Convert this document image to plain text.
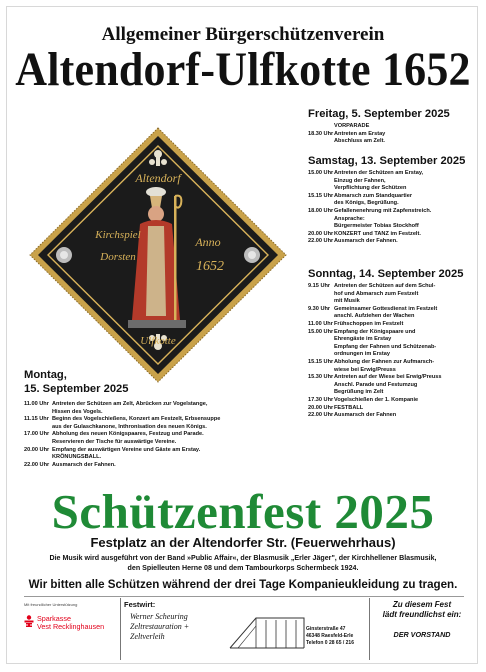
Allgemeiner Bürgerschützenverein
Altendorf-Ulfkotte 1652
Altendorf
Kirchspiel
Dorsten
Anno
1652
Ulfkotte
Freitag, 5. September 2025
VORPARADE
18.30 Uhr Antreten am Erstay
Abschluss am Zelt.
Samstag, 13. September 2025
15.00 Uhr Antreten der Schützen am Erstay,
Einzug der Fahnen,
Verpflichtung der Schützen
15.15 Uhr Abmarsch zum Standquartier
des Königs, Begrüßung.
18.00 Uhr Gefallenenehrung mit Zapfenstreich.
Ansprache:
Bürgermeister Tobias Stockhoff
20.00 Uhr KONZERT und TANZ im Festzelt.
22.00 Uhr Ausmarsch der Fahnen.
Sonntag, 14. September 2025
9.15 Uhr Antreten der Schützen auf dem Schul-
hof und Abmarsch zum Festzelt
mit Musik
9.30 Uhr Gemeinsamer Gottesdienst im Festzelt
anschl. Aufziehen der Wachen
11.00 Uhr Frühschoppen im Festzelt
15.00 Uhr Empfang der Königspaare und
Ehrengäste im Erstay
Empfang der Fahnen und Schützenab-
ordnungen im Erstay
15.15 Uhr Abholung der Fahnen zur Aufmarsch-
wiese bei Erwig/Preuss
15.30 Uhr Antreten auf der Wiese bei Erwig/Preuss
Anschl. Parade und Festumzug
Begrüßung im Zelt
17.30 Uhr Vogelschießen der 1. Kompanie
20.00 Uhr FESTBALL
22.00 Uhr Ausmarsch der Fahnen
Montag,
15. September 2025
11.00 Uhr Antreten der Schützen am Zelt, Abrücken zur Vogelstange,
Hissen des Vogels.
11.15 Uhr Beginn des Vogelschießens, Konzert am Festzelt, Erbsensuppe
aus der Gulaschkanone, Inthronisation des neuen Königs.
17.00 Uhr Abholung des neuen Königspaares, Festzug und Parade.
Reservieren der Tische für auswärtige Vereine.
20.00 Uhr Empfang der auswärtigen Vereine und Gäste am Erstay.
KRÖNUNGSBALL.
22.00 Uhr Ausmarsch der Fahnen.
Schützenfest 2025
Festplatz an der Altendorfer Str. (Feuerwehrhaus)
Die Musik wird ausgeführt von der Band »Public Affair«, der Blasmusik „Erler Jäger", der Kirchhellener Blasmusik,
den Spielleuten Herne 08 und dem Tambourkorps Schermbeck 1924.
Wir bitten alle Schützen während der drei Tage Kompanieukleidung zu tragen.
Mit freundlicher Unterstützung
Sparkasse
Vest Recklinghausen
Festwirt:
Werner Scheuring
Zeltrestauration +
Zeltverleih
Ginsterstraße 47
46348 Raesfeld-Erle
Telefon 0 28 65 / 216
Zu diesem Fest
lädt freundlichst ein:
DER VORSTAND
